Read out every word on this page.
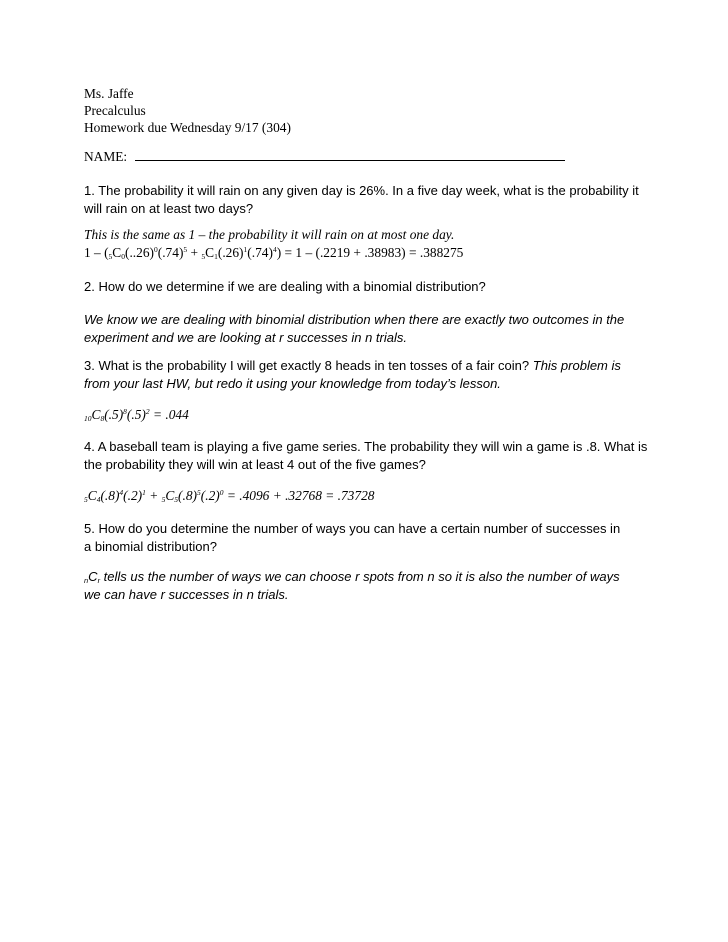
Ms. Jaffe
Precalculus
Homework due Wednesday 9/17 (304)
NAME:
1. The probability it will rain on any given day is 26%. In a five day week, what is the probability it will rain on at least two days?
This is the same as 1 – the probability it will rain on at most one day.
$1 - (_5C_0(..26)^0(.74)^5 + _5C_1(.26)^1(.74)^4) = 1 - (.2219 + .38983) = .388275$
2. How do we determine if we are dealing with a binomial distribution?
We know we are dealing with binomial distribution when there are exactly two outcomes in the experiment and we are looking at r successes in n trials.
3. What is the probability I will get exactly 8 heads in ten tosses of a fair coin? This problem is from your last HW, but redo it using your knowledge from today’s lesson.
$_{10}C_8(.5)^8(.5)^2 = .044$
4. A baseball team is playing a five game series. The probability they will win a game is .8. What is the probability they will win at least 4 out of the five games?
$_5C_4(.8)^4(.2)^1 + _5C_5(.8)^5(.2)^0 = .4096 + .32768 = .73728$
5. How do you determine the number of ways you can have a certain number of successes in a binomial distribution?
$_nC_r$ tells us the number of ways we can choose r spots from n so it is also the number of ways we can have r successes in n trials.
